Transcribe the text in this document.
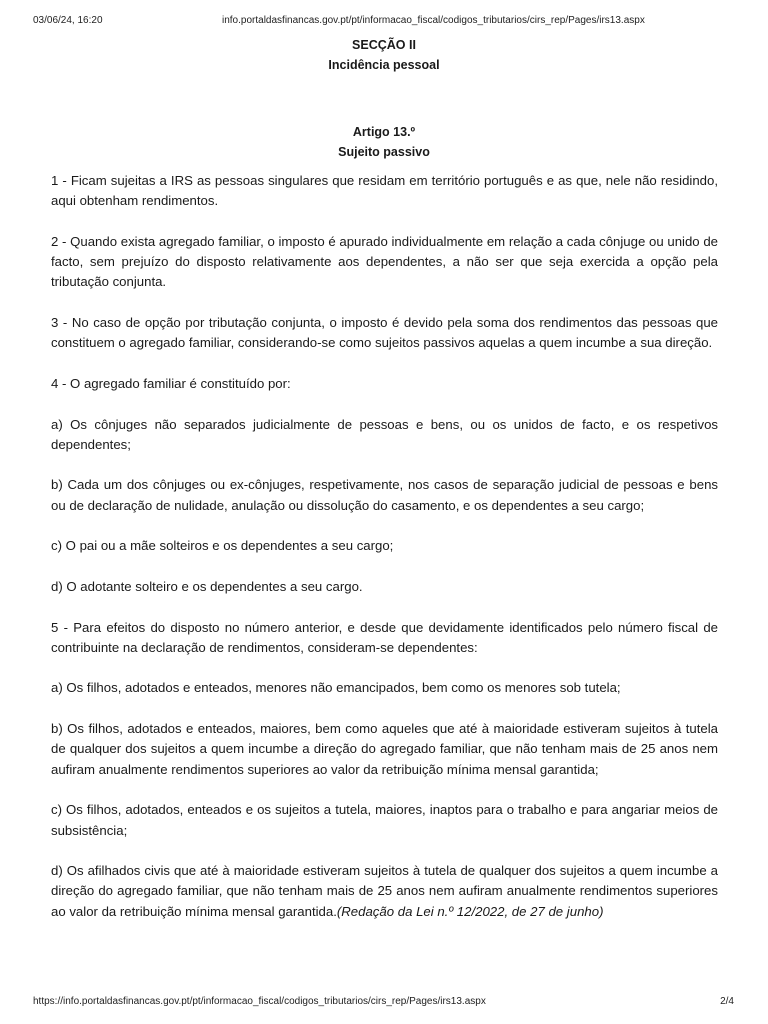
03/06/24, 16:20	info.portaldasfinancas.gov.pt/pt/informacao_fiscal/codigos_tributarios/cirs_rep/Pages/irs13.aspx
SECÇÃO II
Incidência pessoal
Artigo 13.º
Sujeito passivo

1 - Ficam sujeitas a IRS as pessoas singulares que residam em território português e as que, nele não residindo, aqui obtenham rendimentos.

2 - Quando exista agregado familiar, o imposto é apurado individualmente em relação a cada cônjuge ou unido de facto, sem prejuízo do disposto relativamente aos dependentes, a não ser que seja exercida a opção pela tributação conjunta.

3 - No caso de opção por tributação conjunta, o imposto é devido pela soma dos rendimentos das pessoas que constituem o agregado familiar, considerando-se como sujeitos passivos aquelas a quem incumbe a sua direção.

4 - O agregado familiar é constituído por:

a) Os cônjuges não separados judicialmente de pessoas e bens, ou os unidos de facto, e os respetivos dependentes;

b) Cada um dos cônjuges ou ex-cônjuges, respetivamente, nos casos de separação judicial de pessoas e bens ou de declaração de nulidade, anulação ou dissolução do casamento, e os dependentes a seu cargo;

c) O pai ou a mãe solteiros e os dependentes a seu cargo;

d) O adotante solteiro e os dependentes a seu cargo.

5 - Para efeitos do disposto no número anterior, e desde que devidamente identificados pelo número fiscal de contribuinte na declaração de rendimentos, consideram-se dependentes:

a) Os filhos, adotados e enteados, menores não emancipados, bem como os menores sob tutela;

b) Os filhos, adotados e enteados, maiores, bem como aqueles que até à maioridade estiveram sujeitos à tutela de qualquer dos sujeitos a quem incumbe a direção do agregado familiar, que não tenham mais de 25 anos nem aufiram anualmente rendimentos superiores ao valor da retribuição mínima mensal garantida;

c) Os filhos, adotados, enteados e os sujeitos a tutela, maiores, inaptos para o trabalho e para angariar meios de subsistência;

d) Os afilhados civis que até à maioridade estiveram sujeitos à tutela de qualquer dos sujeitos a quem incumbe a direção do agregado familiar, que não tenham mais de 25 anos nem aufiram anualmente rendimentos superiores ao valor da retribuição mínima mensal garantida.(Redação da Lei n.º 12/2022, de 27 de junho)

https://info.portaldasfinancas.gov.pt/pt/informacao_fiscal/codigos_tributarios/cirs_rep/Pages/irs13.aspx	2/4
